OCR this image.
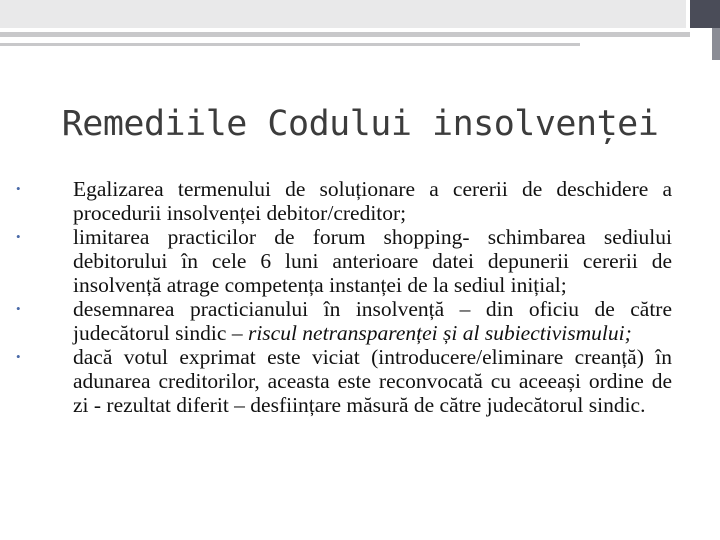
Remediile Codului insolvenței
• Egalizarea termenului de soluționare a cererii de deschidere a procedurii insolvenței debitor/creditor;
• limitarea practicilor de forum shopping- schimbarea sediului debitorului în cele 6 luni anterioare datei depunerii cererii de insolvență atrage competența instanței de la sediul inițial;
• desemnarea practicianului în insolvență – din oficiu de către judecătorul sindic – riscul netransparenței și al subiectivismului;
• dacă votul exprimat este viciat (introducere/eliminare creanță) în adunarea creditorilor, aceasta este reconvocată cu aceeași ordine de zi - rezultat diferit – desființare măsură de către judecătorul sindic.
